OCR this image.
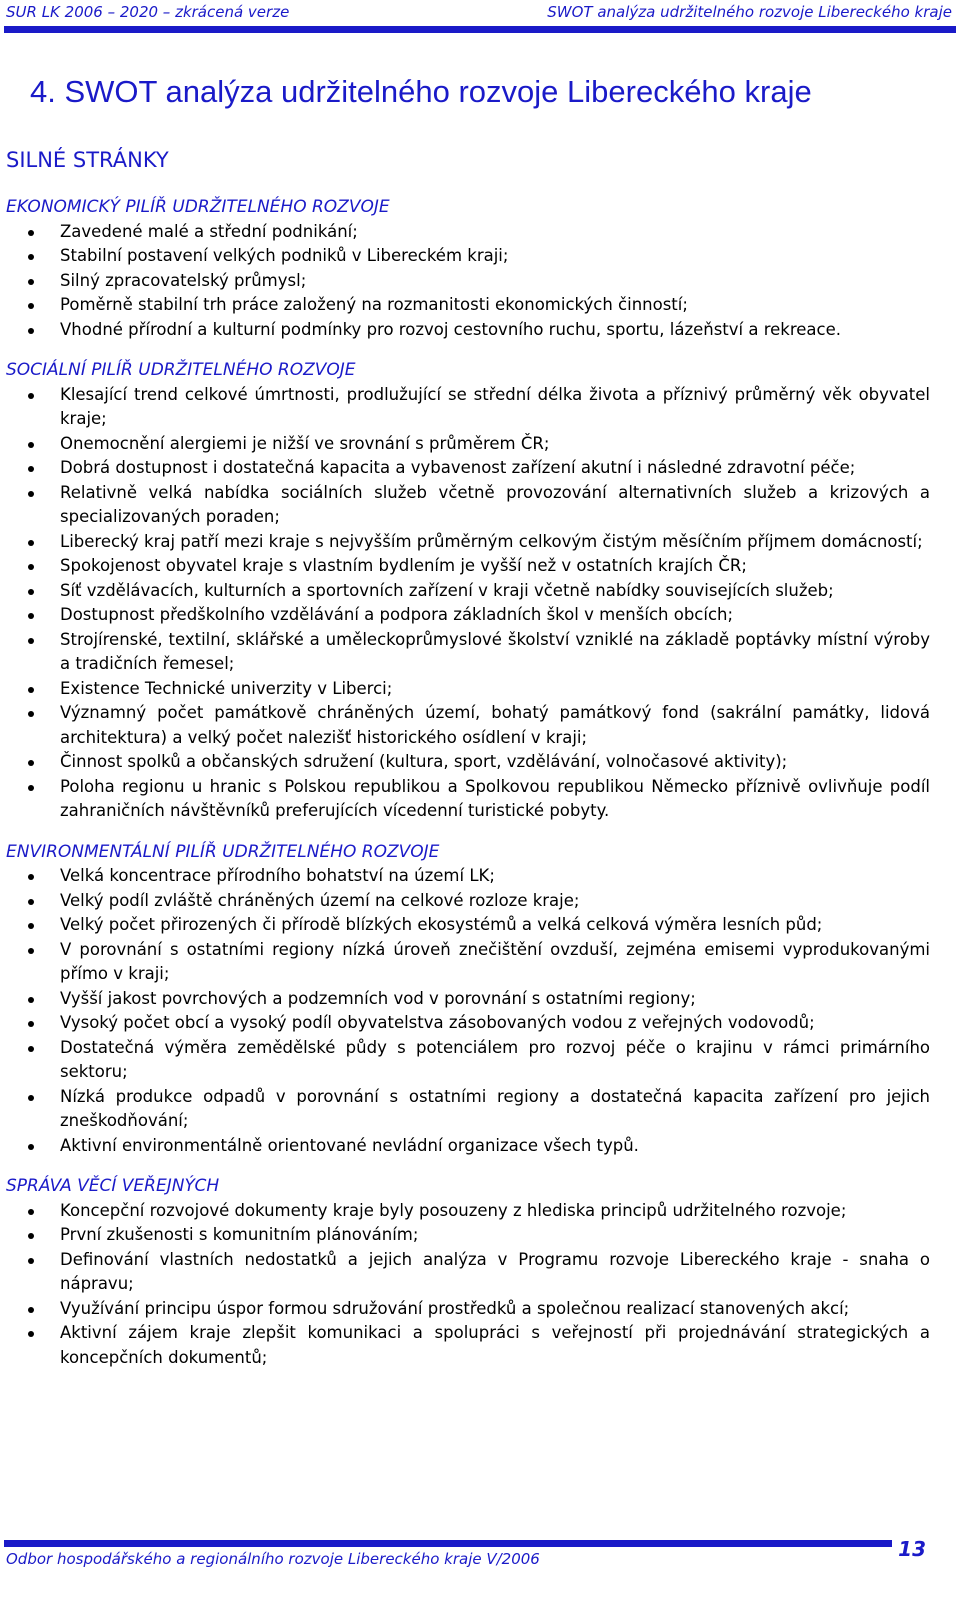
SUR LK 2006 – 2020 – zkrácená verze	SWOT analýza udržitelného rozvoje Libereckého kraje
4. SWOT analýza udržitelného rozvoje Libereckého kraje
SILNÉ STRÁNKY
EKONOMICKÝ PILÍŘ UDRŽITELNÉHO ROZVOJE
Zavedené malé a střední podnikání;
Stabilní postavení velkých podniků v Libereckém kraji;
Silný zpracovatelský průmysl;
Poměrně stabilní trh práce založený na rozmanitosti ekonomických činností;
Vhodné přírodní a kulturní podmínky pro rozvoj cestovního ruchu, sportu, lázeňství a rekreace.
SOCIÁLNÍ PILÍŘ UDRŽITELNÉHO ROZVOJE
Klesající trend celkové úmrtnosti, prodlužující se střední délka života a příznivý průměrný věk obyvatel kraje;
Onemocnění alergiemi je nižší ve srovnání s průměrem ČR;
Dobrá dostupnost i dostatečná kapacita a vybavenost zařízení akutní i následné zdravotní péče;
Relativně velká nabídka sociálních služeb včetně provozování alternativních služeb a krizových a specializovaných poraden;
Liberecký kraj patří mezi kraje s nejvyšším průměrným celkovým čistým měsíčním příjmem domácností;
Spokojenost obyvatel kraje s vlastním bydlením je vyšší než v ostatních krajích ČR;
Síť vzdělávacích, kulturních a sportovních zařízení v kraji včetně nabídky souvisejících služeb;
Dostupnost předškolního vzdělávání a podpora základních škol v menších obcích;
Strojírenské, textilní, sklářské a uměleckoprůmyslové školství vzniklé na základě poptávky místní výroby a tradičních řemesel;
Existence Technické univerzity v Liberci;
Významný počet památkově chráněných území, bohatý památkový fond (sakrální památky, lidová architektura) a velký počet nalezišť historického osídlení v kraji;
Činnost spolků a občanských sdružení (kultura, sport, vzdělávání, volnočasové aktivity);
Poloha regionu u hranic s Polskou republikou a Spolkovou republikou Německo příznivě ovlivňuje podíl zahraničních návštěvníků preferujících vícedenní turistické pobyty.
ENVIRONMENTÁLNÍ PILÍŘ UDRŽITELNÉHO ROZVOJE
Velká koncentrace přírodního bohatství na území LK;
Velký podíl zvláště chráněných území na celkové rozloze kraje;
Velký počet přirozených či přírodě blízkých ekosystémů a velká celková výměra lesních půd;
V porovnání s ostatními regiony nízká úroveň znečištění ovzduší, zejména emisemi vyprodukovanými přímo v kraji;
Vyšší jakost povrchových a podzemních vod v porovnání s ostatními regiony;
Vysoký počet obcí a vysoký podíl obyvatelstva zásobovaných vodou z veřejných vodovodů;
Dostatečná výměra zemědělské půdy s potenciálem pro rozvoj péče o krajinu v rámci primárního sektoru;
Nízká produkce odpadů v porovnání s ostatními regiony a dostatečná kapacita zařízení pro jejich zneškodňování;
Aktivní environmentálně orientované nevládní organizace všech typů.
SPRÁVA VĚCÍ VEŘEJNÝCH
Koncepční rozvojové dokumenty kraje byly posouzeny z hlediska principů udržitelného rozvoje;
První zkušenosti s komunitním plánováním;
Definování vlastních nedostatků a jejich analýza v Programu rozvoje Libereckého kraje - snaha o nápravu;
Využívání principu úspor formou sdružování prostředků a společnou realizací stanovených akcí;
Aktivní zájem kraje zlepšit komunikaci a spolupráci s veřejností při projednávání strategických a koncepčních dokumentů;
Odbor hospodářského a regionálního rozvoje Libereckého kraje V/2006	13
